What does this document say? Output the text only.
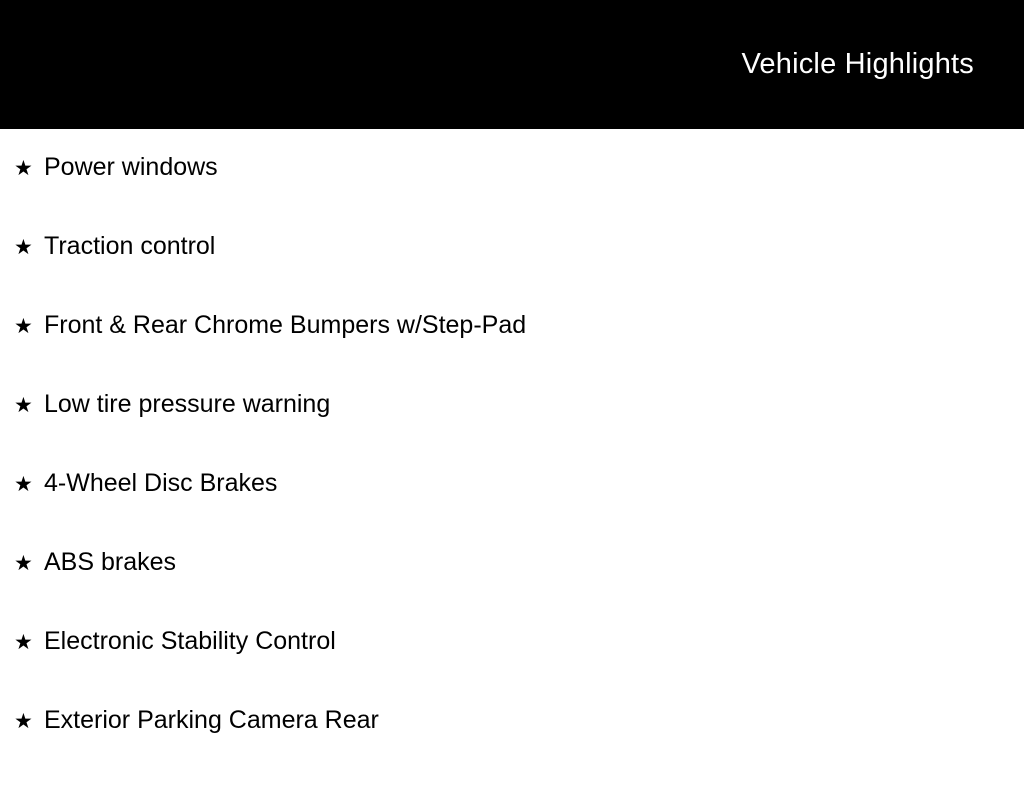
Vehicle Highlights
★ Power windows
★ Traction control
★ Front & Rear Chrome Bumpers w/Step-Pad
★ Low tire pressure warning
★ 4-Wheel Disc Brakes
★ ABS brakes
★ Electronic Stability Control
★ Exterior Parking Camera Rear
